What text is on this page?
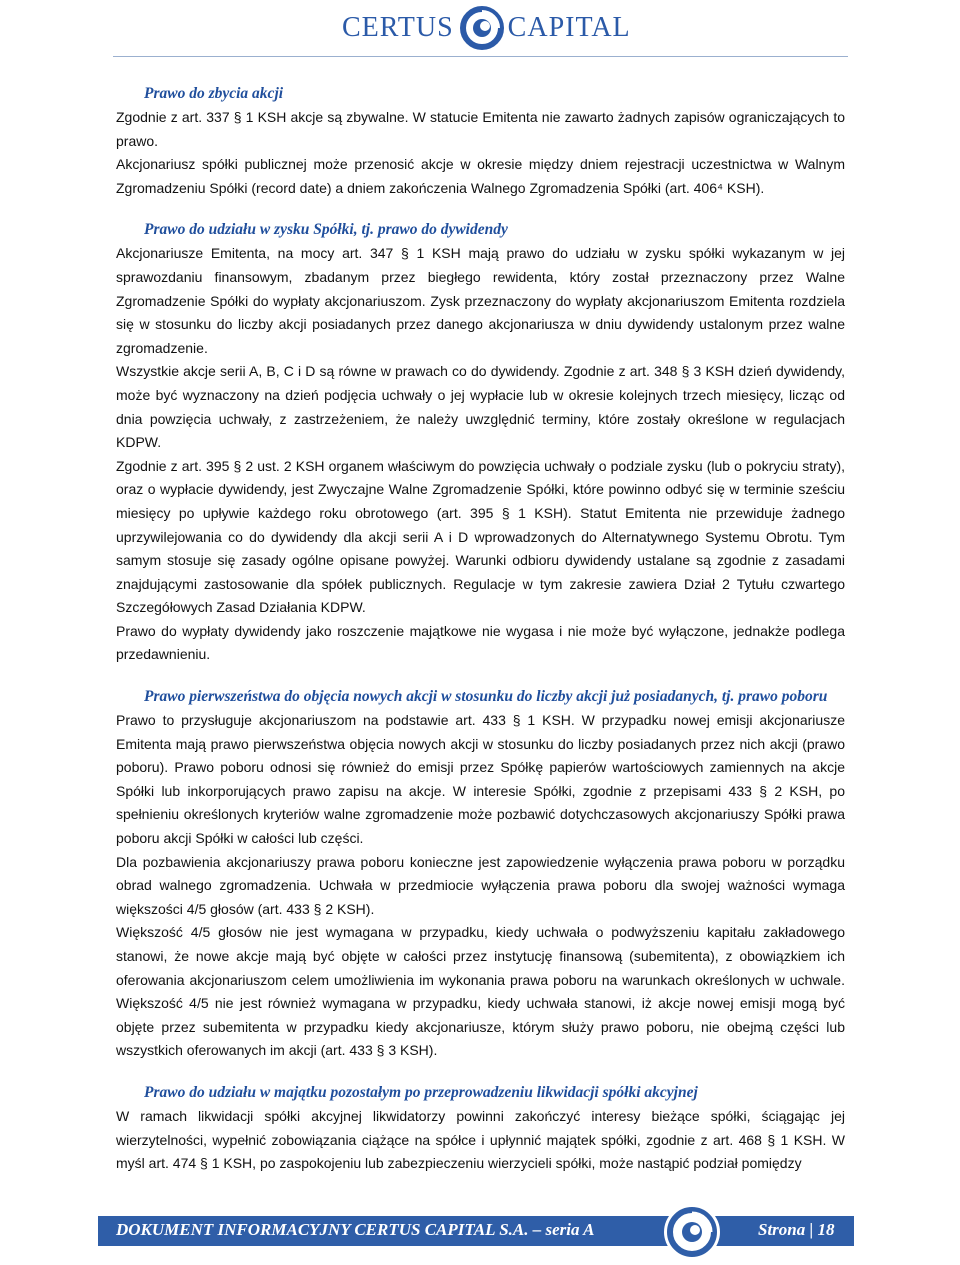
CERTUS CAPITAL

Prawo do zbycia akcji

Zgodnie z art. 337 § 1 KSH akcje są zbywalne. W statucie Emitenta nie zawarto żadnych zapisów ograniczających to prawo.

Akcjonariusz spółki publicznej może przenosić akcje w okresie między dniem rejestracji uczestnictwa w Walnym Zgromadzeniu Spółki (record date) a dniem zakończenia Walnego Zgromadzenia Spółki (art. 406⁴ KSH).

Prawo do udziału w zysku Spółki, tj. prawo do dywidendy

Akcjonariusze Emitenta, na mocy art. 347 § 1 KSH mają prawo do udziału w zysku spółki wykazanym w jej sprawozdaniu finansowym, zbadanym przez biegłego rewidenta, który został przeznaczony przez Walne Zgromadzenie Spółki do wypłaty akcjonariuszom. Zysk przeznaczony do wypłaty akcjonariuszom Emitenta rozdziela się w stosunku do liczby akcji posiadanych przez danego akcjonariusza w dniu dywidendy ustalonym przez walne zgromadzenie.

Wszystkie akcje serii A, B, C i D są równe w prawach co do dywidendy. Zgodnie z art. 348 § 3 KSH dzień dywidendy, może być wyznaczony na dzień podjęcia uchwały o jej wypłacie lub w okresie kolejnych trzech miesięcy, licząc od dnia powzięcia uchwały, z zastrzeżeniem, że należy uwzględnić terminy, które zostały określone w regulacjach KDPW.

Zgodnie z art. 395 § 2 ust. 2 KSH organem właściwym do powzięcia uchwały o podziale zysku (lub o pokryciu straty), oraz o wypłacie dywidendy, jest Zwyczajne Walne Zgromadzenie Spółki, które powinno odbyć się w terminie sześciu miesięcy po upływie każdego roku obrotowego (art. 395 § 1 KSH). Statut Emitenta nie przewiduje żadnego uprzywilejowania co do dywidendy dla akcji serii A i D wprowadzonych do Alternatywnego Systemu Obrotu. Tym samym stosuje się zasady ogólne opisane powyżej. Warunki odbioru dywidendy ustalane są zgodnie z zasadami znajdującymi zastosowanie dla spółek publicznych. Regulacje w tym zakresie zawiera Dział 2 Tytułu czwartego Szczegółowych Zasad Działania KDPW.

Prawo do wypłaty dywidendy jako roszczenie majątkowe nie wygasa i nie może być wyłączone, jednakże podlega przedawnieniu.

Prawo pierwszeństwa do objęcia nowych akcji w stosunku do liczby akcji już posiadanych, tj. prawo poboru

Prawo to przysługuje akcjonariuszom na podstawie art. 433 § 1 KSH. W przypadku nowej emisji akcjonariusze Emitenta mają prawo pierwszeństwa objęcia nowych akcji w stosunku do liczby posiadanych przez nich akcji (prawo poboru). Prawo poboru odnosi się również do emisji przez Spółkę papierów wartościowych zamiennych na akcje Spółki lub inkorporujących prawo zapisu na akcje. W interesie Spółki, zgodnie z przepisami 433 § 2 KSH, po spełnieniu określonych kryteriów walne zgromadzenie może pozbawić dotychczasowych akcjonariuszy Spółki prawa poboru akcji Spółki w całości lub części.

Dla pozbawienia akcjonariuszy prawa poboru konieczne jest zapowiedzenie wyłączenia prawa poboru w porządku obrad walnego zgromadzenia. Uchwała w przedmiocie wyłączenia prawa poboru dla swojej ważności wymaga większości 4/5 głosów (art. 433 § 2 KSH).

Większość 4/5 głosów nie jest wymagana w przypadku, kiedy uchwała o podwyższeniu kapitału zakładowego stanowi, że nowe akcje mają być objęte w całości przez instytucję finansową (subemitenta), z obowiązkiem ich oferowania akcjonariuszom celem umożliwienia im wykonania prawa poboru na warunkach określonych w uchwale. Większość 4/5 nie jest również wymagana w przypadku, kiedy uchwała stanowi, iż akcje nowej emisji mogą być objęte przez subemitenta w przypadku kiedy akcjonariusze, którym służy prawo poboru, nie obejmą części lub wszystkich oferowanych im akcji (art. 433 § 3 KSH).

Prawo do udziału w majątku pozostałym po przeprowadzeniu likwidacji spółki akcyjnej

W ramach likwidacji spółki akcyjnej likwidatorzy powinni zakończyć interesy bieżące spółki, ściągając jej wierzytelności, wypełnić zobowiązania ciążące na spółce i upłynnić majątek spółki, zgodnie z art. 468 § 1 KSH. W myśl art. 474 § 1 KSH, po zaspokojeniu lub zabezpieczeniu wierzycieli spółki, może nastąpić podział pomiędzy

DOKUMENT INFORMACYJNY CERTUS CAPITAL S.A. – seria A	Strona | 18
